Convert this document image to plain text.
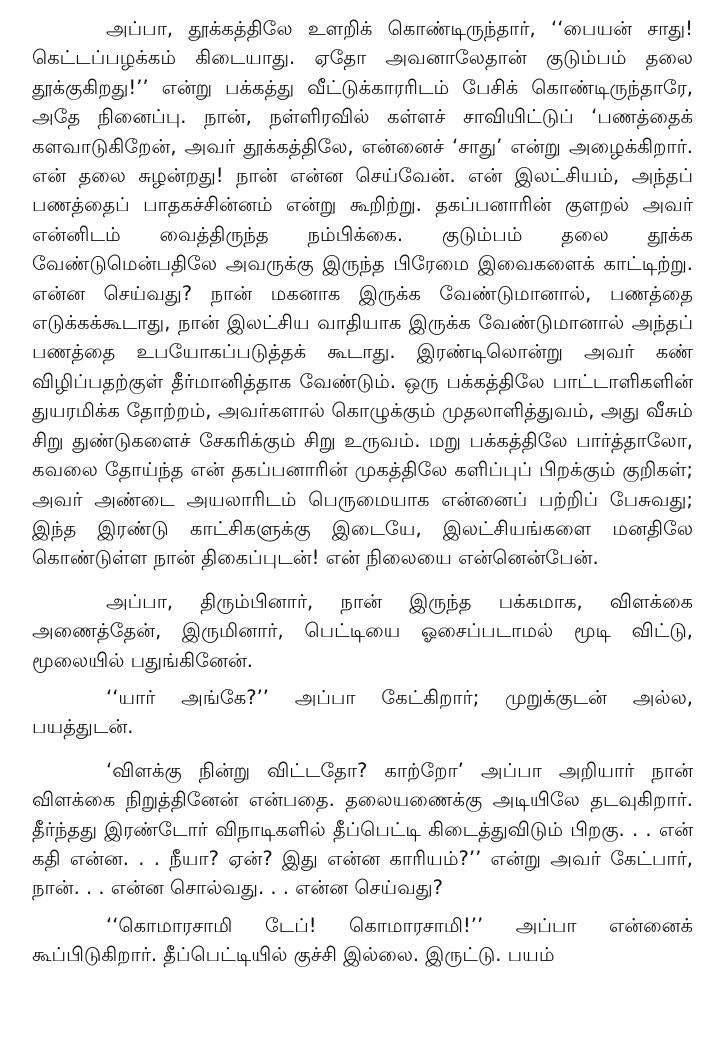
அப்பா, தூக்கத்திலே உளறிக் கொண்டிருந்தார், ‘‘பையன் சாது! கெட்டப்பழக்கம் கிடையாது. ஏதோ அவனாலேதான் குடும்பம் தலை தூக்குகிறது!’’ என்று பக்கத்து வீட்டுக்காரரிடம் பேசிக் கொண்டிருந்தாரே, அதே நினைப்பு. நான், நள்ளிரவில் கள்ளச் சாவியிட்டுப் ‘பணத்தைக் களவாடுகிறேன், அவர் தூக்கத்திலே, என்னைச் ‘சாது’ என்று அழைக்கிறார். என் தலை சுழன்றது! நான் என்ன செய்வேன். என் இலட்சியம், அந்தப் பணத்தைப் பாதகச்சின்னம் என்று கூறிற்று. தகப்பனாரின் குளறல் அவர் என்னிடம் வைத்திருந்த நம்பிக்கை. குடும்பம் தலை தூக்க வேண்டுமென்பதிலே அவருக்கு இருந்த பிரேமை இவைகளைக் காட்டிற்று. என்ன செய்வது? நான் மகனாக இருக்க வேண்டுமானால், பணத்தை எடுக்கக்கூடாது, நான் இலட்சிய வாதியாக இருக்க வேண்டுமானால் அந்தப் பணத்தை உபயோகப்படுத்தக் கூடாது. இரண்டிலொன்று அவர் கண் விழிப்பதற்குள் தீர்மானித்தாக வேண்டும். ஒரு பக்கத்திலே பாட்டாளிகளின் துயரமிக்க தோற்றம், அவர்களால் கொழுக்கும் முதலாளித்துவம், அது வீசும் சிறு துண்டுகளைச் சேகரிக்கும் சிறு உருவம். மறு பக்கத்திலே பார்த்தாலோ, கவலை தோய்ந்த என் தகப்பனாரின் முகத்திலே களிப்புப் பிறக்கும் குறிகள்; அவர் அண்டை அயலாரிடம் பெருமையாக என்னைப் பற்றிப் பேசுவது; இந்த இரண்டு காட்சிகளுக்கு இடையே, இலட்சியங்களை மனதிலே கொண்டுள்ள நான் திகைப்புடன்! என் நிலையை என்னென்பேன்.

அப்பா, திரும்பினார், நான் இருந்த பக்கமாக, விளக்கை அணைத்தேன், இருமினார், பெட்டியை ஓசைப்படாமல் மூடி விட்டு, மூலையில் பதுங்கினேன்.

‘‘யார் அங்கே?’’ அப்பா கேட்கிறார்; முறுக்குடன் அல்ல, பயத்துடன்.

‘விளக்கு நின்று விட்டதோ? காற்றோ’ அப்பா அறியார் நான் விளக்கை நிறுத்தினேன் என்பதை. தலையணைக்கு அடியிலே தடவுகிறார். தீர்ந்தது இரண்டோர் விநாடிகளில் தீப்பெட்டி கிடைத்துவிடும் பிறகு. . . என் கதி என்ன. . . நீயா? ஏன்? இது என்ன காரியம்?’’ என்று அவர் கேட்பார், நான். . . என்ன சொல்வது. . . என்ன செய்வது?

‘‘கொமாரசாமி டேப்! கொமாரசாமி!’’ அப்பா என்னைக் கூப்பிடுகிறார். தீப்பெட்டியில் குச்சி இல்லை. இருட்டு. பயம்
